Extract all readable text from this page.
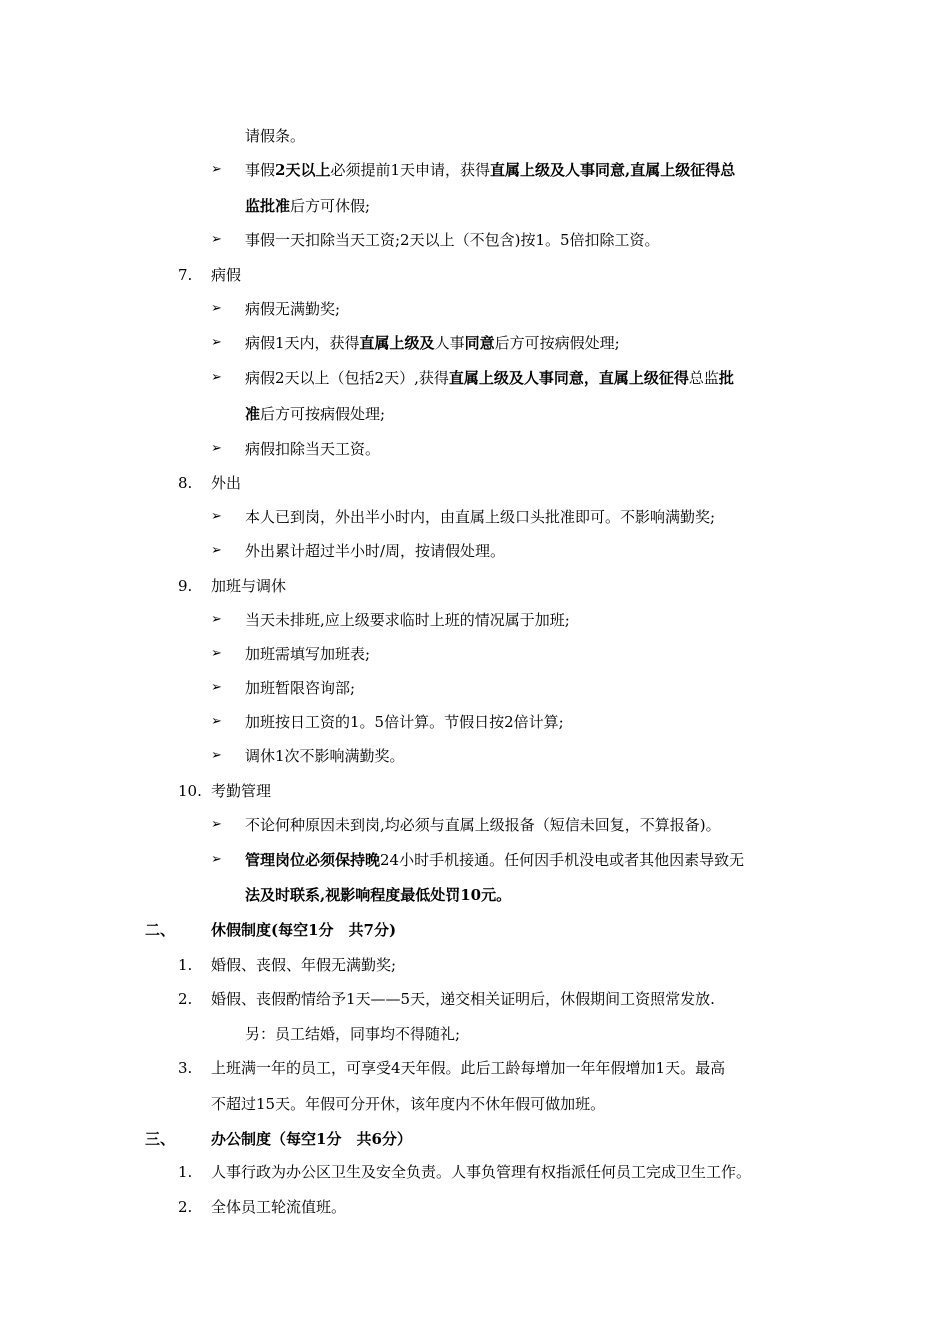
请假条。
➢ 事假2天以上必须提前1天申请，获得直属上级及人事同意,直属上级征得总
监批准后方可休假;
➢ 事假一天扣除当天工资;2天以上（不包含)按1。5倍扣除工资。
7. 病假
➢ 病假无满勤奖;
➢ 病假1天内，获得直属上级及人事同意后方可按病假处理;
➢ 病假2天以上（包括2天）,获得直属上级及人事同意，直属上级征得总监批
准后方可按病假处理;
➢ 病假扣除当天工资。
8. 外出
➢ 本人已到岗，外出半小时内，由直属上级口头批准即可。不影响满勤奖;
➢ 外出累计超过半小时/周，按请假处理。
9. 加班与调休
➢ 当天未排班,应上级要求临时上班的情况属于加班;
➢ 加班需填写加班表;
➢ 加班暂限咨询部;
➢ 加班按日工资的1。5倍计算。节假日按2倍计算;
➢ 调休1次不影响满勤奖。
10. 考勤管理
➢ 不论何种原因未到岗,均必须与直属上级报备（短信未回复，不算报备)。
➢ 管理岗位必须保持晚24小时手机接通。任何因手机没电或者其他因素导致无
法及时联系,视影响程度最低处罚10元。
二、 休假制度(每空1分　共7分)
1. 婚假、丧假、年假无满勤奖;
2. 婚假、丧假酌情给予1天——5天，递交相关证明后，休假期间工资照常发放.
另：员工结婚，同事均不得随礼;
3. 上班满一年的员工，可享受4天年假。此后工龄每增加一年年假增加1天。最高
不超过15天。年假可分开休，该年度内不休年假可做加班。
三、 办公制度（每空1分　共6分）
1. 人事行政为办公区卫生及安全负责。人事负管理有权指派任何员工完成卫生工作。
2. 全体员工轮流值班。
